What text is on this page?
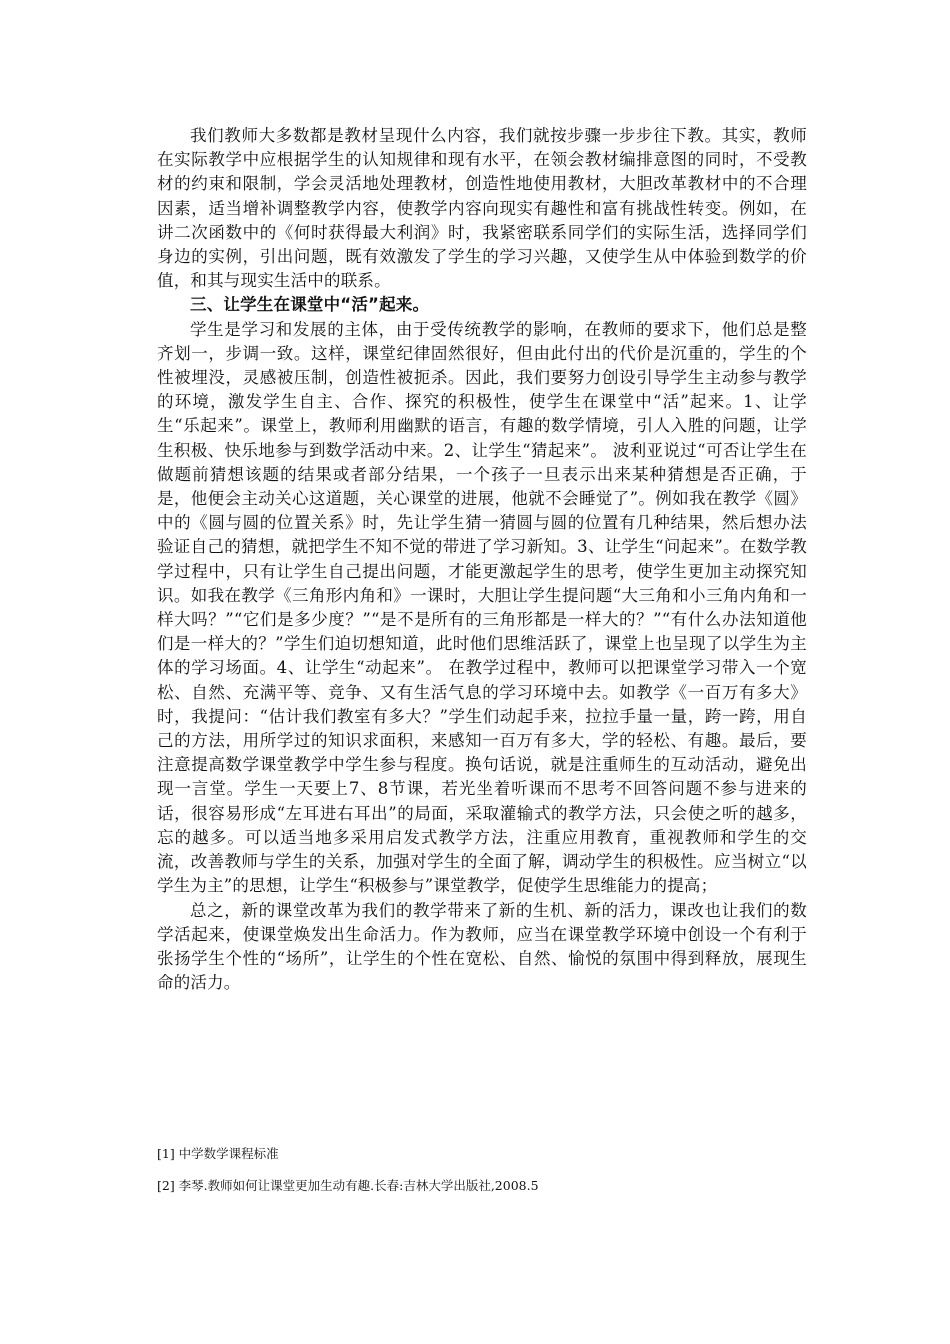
我们教师大多数都是教材呈现什么内容，我们就按步骤一步步往下教。其实，教师在实际教学中应根据学生的认知规律和现有水平，在领会教材编排意图的同时，不受教材的约束和限制，学会灵活地处理教材，创造性地使用教材，大胆改革教材中的不合理因素，适当增补调整教学内容，使教学内容向现实有趣性和富有挑战性转变。例如，在讲二次函数中的《何时获得最大利润》时，我紧密联系同学们的实际生活，选择同学们身边的实例，引出问题，既有效激发了学生的学习兴趣，又使学生从中体验到数学的价值，和其与现实生活中的联系。

三、让学生在课堂中“活”起来。

学生是学习和发展的主体，由于受传统教学的影响，在教师的要求下，他们总是整齐划一，步调一致。这样，课堂纪律固然很好，但由此付出的代价是沉重的，学生的个性被埋没，灵感被压制，创造性被扼杀。因此，我们要努力创设引导学生主动参与教学的环境，激发学生自主、合作、探究的积极性，使学生在课堂中“活”起来。1、让学生“乐起来”。课堂上，教师利用幽默的语言，有趣的数学情境，引人入胜的问题，让学生积极、快乐地参与到数学活动中来。2、让学生“猜起来”。 波利亚说过“可否让学生在做题前猜想该题的结果或者部分结果，一个孩子一旦表示出来某种猜想是否正确，于是，他便会主动关心这道题，关心课堂的进展，他就不会睡觉了”。例如我在教学《圆》中的《圆与圆的位置关系》时，先让学生猜一猜圆与圆的位置有几种结果，然后想办法验证自己的猜想，就把学生不知不觉的带进了学习新知。3、让学生“问起来”。在数学教学过程中，只有让学生自己提出问题，才能更激起学生的思考，使学生更加主动探究知识。如我在教学《三角形内角和》一课时，大胆让学生提问题“大三角和小三角内角和一样大吗？”“它们是多少度？”“是不是所有的三角形都是一样大的？”“有什么办法知道他们是一样大的？”学生们迫切想知道，此时他们思维活跃了，课堂上也呈现了以学生为主体的学习场面。4、让学生“动起来”。 在教学过程中，教师可以把课堂学习带入一个宽松、自然、充满平等、竞争、又有生活气息的学习环境中去。如教学《一百万有多大》时，我提问：“估计我们教室有多大？”学生们动起手来，拉拉手量一量，跨一跨，用自己的方法，用所学过的知识求面积，来感知一百万有多大，学的轻松、有趣。最后，要注意提高数学课堂教学中学生参与程度。换句话说，就是注重师生的互动活动，避免出现一言堂。学生一天要上7、8节课，若光坐着听课而不思考不回答问题不参与进来的话，很容易形成“左耳进右耳出”的局面，采取灌输式的教学方法，只会使之听的越多，忘的越多。可以适当地多采用启发式教学方法，注重应用教育，重视教师和学生的交流，改善教师与学生的关系，加强对学生的全面了解，调动学生的积极性。应当树立“以学生为主”的思想，让学生“积极参与”课堂教学，促使学生思维能力的提高；

总之，新的课堂改革为我们的教学带来了新的生机、新的活力，课改也让我们的数学活起来，使课堂焕发出生命活力。作为教师，应当在课堂教学环境中创设一个有利于张扬学生个性的“场所”，让学生的个性在宽松、自然、愉悦的氛围中得到释放，展现生命的活力。

[1] 中学数学课程标准
[2] 李琴.教师如何让课堂更加生动有趣.长春:吉林大学出版社,2008.5
